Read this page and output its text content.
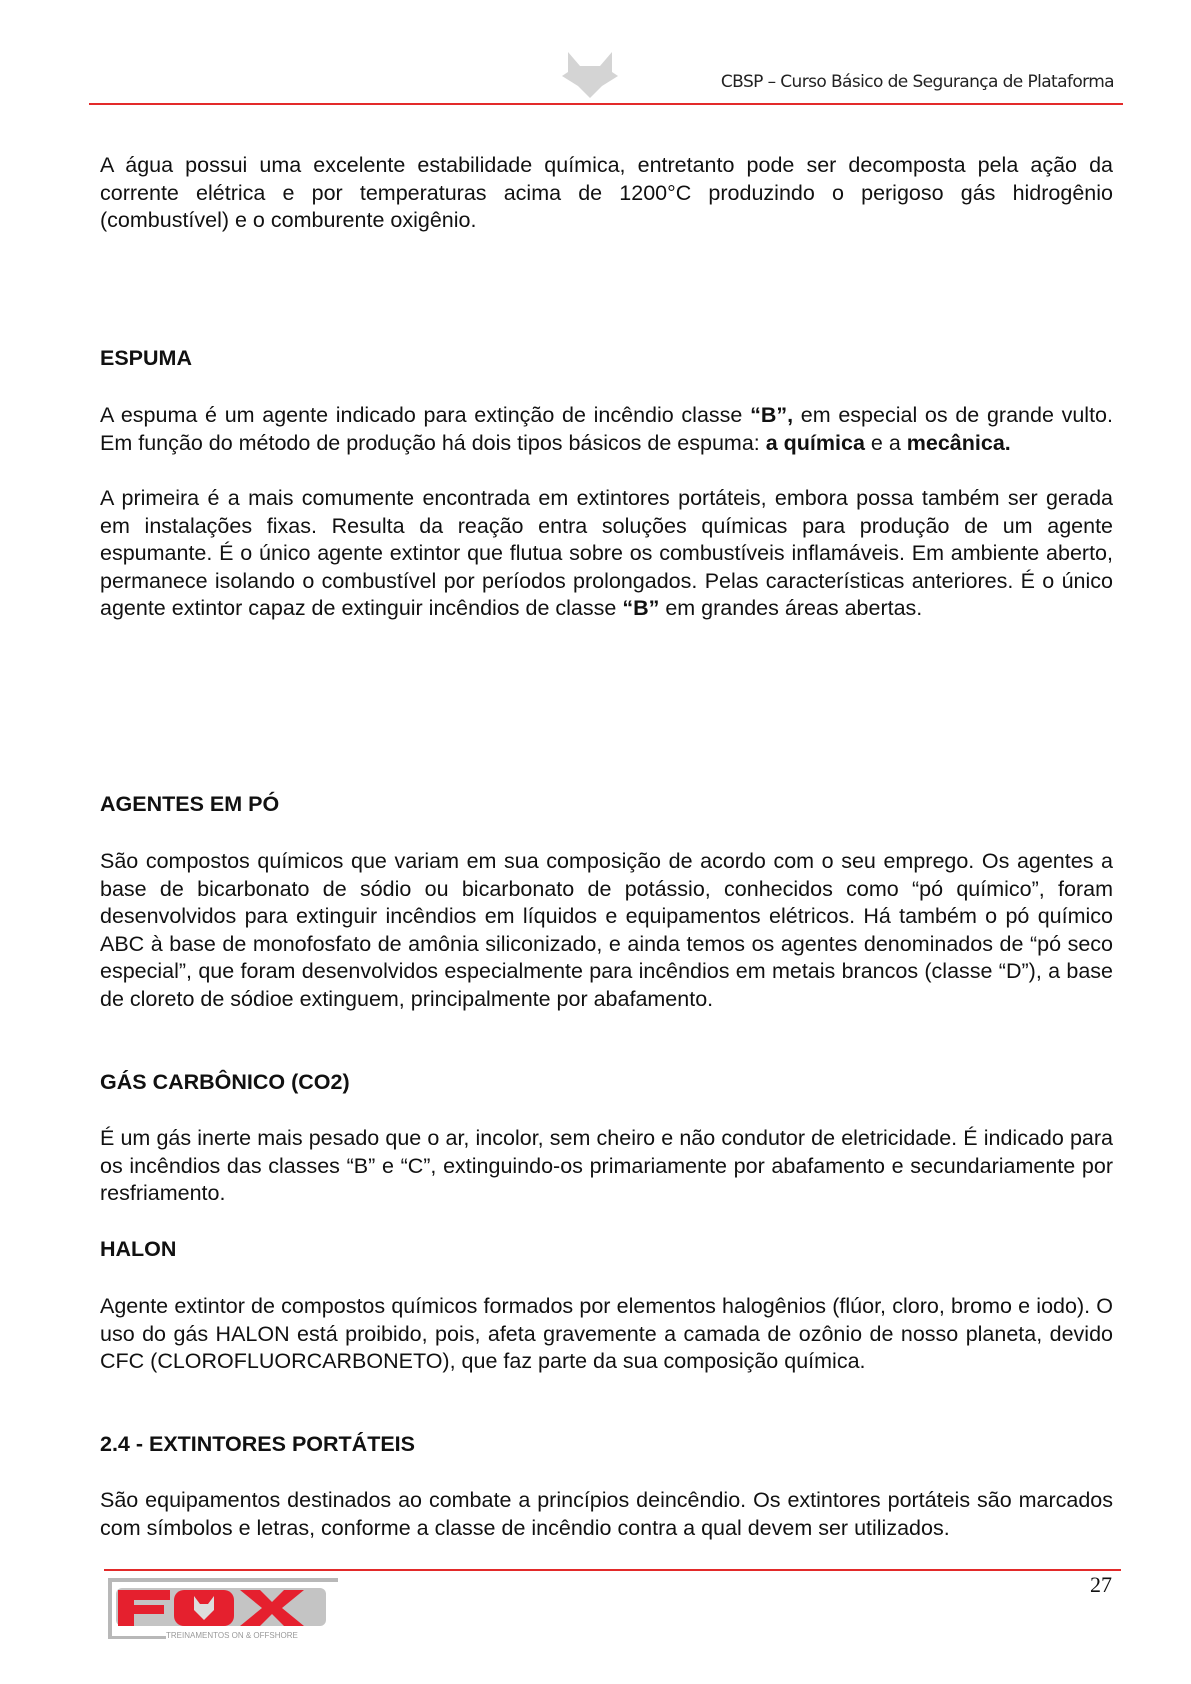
CBSP – Curso Básico de Segurança de Plataforma
A água possui uma excelente estabilidade química, entretanto pode ser decomposta pela ação da corrente elétrica e por temperaturas acima de 1200°C produzindo o perigoso gás hidrogênio (combustível) e o comburente oxigênio.
ESPUMA
A espuma é um agente indicado para extinção de incêndio classe “B”, em especial os de grande vulto. Em função do método de produção há dois tipos básicos de espuma: a química e a mecânica.
A primeira é a mais comumente encontrada em extintores portáteis, embora possa também ser gerada em instalações fixas. Resulta da reação entra soluções químicas para produção de um agente espumante. É o único agente extintor que flutua sobre os combustíveis inflamáveis. Em ambiente aberto, permanece isolando o combustível por períodos prolongados. Pelas características anteriores. É o único agente extintor capaz de extinguir incêndios de classe “B” em grandes áreas abertas.
AGENTES EM PÓ
São compostos químicos que variam em sua composição de acordo com o seu emprego. Os agentes a base de bicarbonato de sódio ou bicarbonato de potássio, conhecidos como “pó químico”, foram desenvolvidos para extinguir incêndios em líquidos e equipamentos elétricos. Há também o pó químico ABC à base de monofosfato de amônia siliconizado, e ainda temos os agentes denominados de “pó seco especial”, que foram desenvolvidos especialmente para incêndios em metais brancos (classe “D”), a base de cloreto de sódioe extinguem, principalmente por abafamento.
GÁS CARBÔNICO (CO2)
É um gás inerte mais pesado que o ar, incolor, sem cheiro e não condutor de eletricidade. É indicado para os incêndios das classes “B” e “C”, extinguindo-os primariamente por abafamento e secundariamente por resfriamento.
HALON
Agente extintor de compostos químicos formados por elementos halogênios (flúor, cloro, bromo e iodo). O uso do gás HALON está proibido, pois, afeta gravemente a camada de ozônio de nosso planeta, devido CFC (CLOROFLUORCARBONETO), que faz parte da sua composição química.
2.4 - EXTINTORES PORTÁTEIS
São equipamentos destinados ao combate a princípios deincêndio. Os extintores portáteis são marcados com símbolos e letras, conforme a classe de incêndio contra a qual devem ser utilizados.
TREINAMENTOS ON & OFFSHORE
27
